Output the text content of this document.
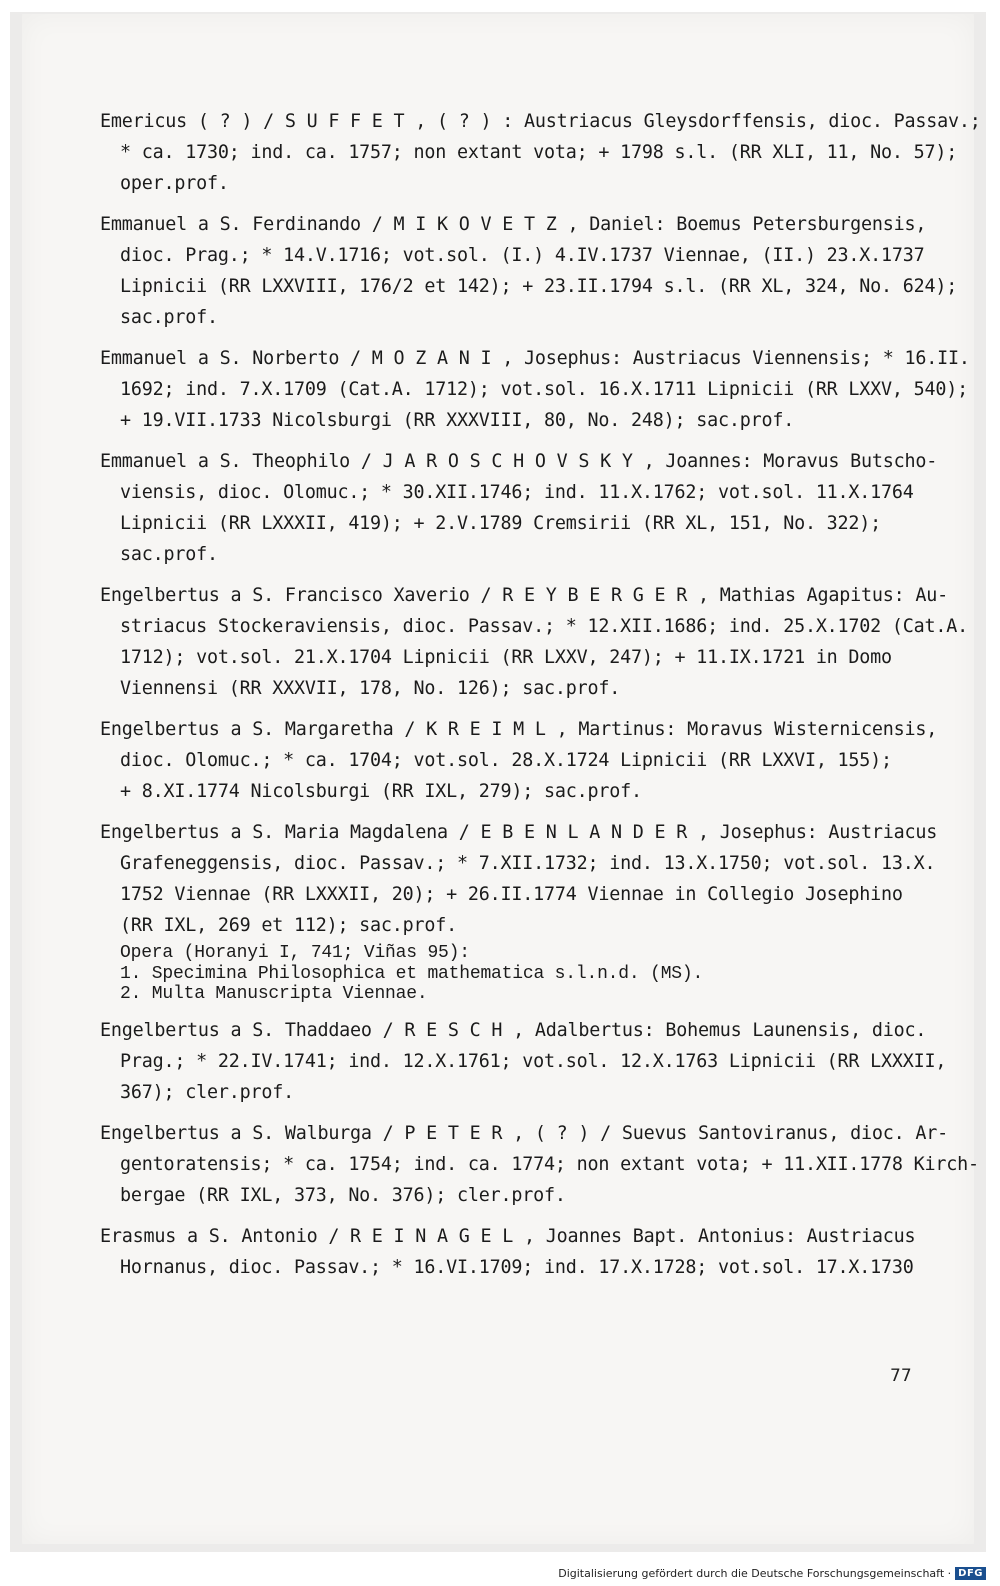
Emericus ( ? ) / S U F F E T , ( ? ) : Austriacus Gleysdorffensis, dioc. Passav.;
* ca. 1730; ind. ca. 1757; non extant vota; + 1798 s.l. (RR XLI, 11, No. 57);
oper.prof.
Emmanuel a S. Ferdinando / M I K O V E T Z , Daniel: Boemus Petersburgensis,
dioc. Prag.; * 14.V.1716; vot.sol. (I.) 4.IV.1737 Viennae, (II.) 23.X.1737
Lipnicii (RR LXXVIII, 176/2 et 142); + 23.II.1794 s.l. (RR XL, 324, No. 624);
sac.prof.
Emmanuel a S. Norberto / M O Z A N I , Josephus: Austriacus Viennensis; * 16.II.
1692; ind. 7.X.1709 (Cat.A. 1712); vot.sol. 16.X.1711 Lipnicii (RR LXXV, 540);
+ 19.VII.1733 Nicolsburgi (RR XXXVIII, 80, No. 248); sac.prof.
Emmanuel a S. Theophilo / J A R O S C H O V S K Y , Joannes: Moravus Butscho-
viensis, dioc. Olomuc.; * 30.XII.1746; ind. 11.X.1762; vot.sol. 11.X.1764
Lipnicii (RR LXXXII, 419); + 2.V.1789 Cremsirii (RR XL, 151, No. 322);
sac.prof.
Engelbertus a S. Francisco Xaverio / R E Y B E R G E R , Mathias Agapitus: Au-
striacus Stockeraviensis, dioc. Passav.; * 12.XII.1686; ind. 25.X.1702 (Cat.A.
1712); vot.sol. 21.X.1704 Lipnicii (RR LXXV, 247); + 11.IX.1721 in Domo
Viennensi (RR XXXVII, 178, No. 126); sac.prof.
Engelbertus a S. Margaretha / K R E I M L , Martinus: Moravus Wisternicensis,
dioc. Olomuc.; * ca. 1704; vot.sol. 28.X.1724 Lipnicii (RR LXXVI, 155);
+ 8.XI.1774 Nicolsburgi (RR IXL, 279); sac.prof.
Engelbertus a S. Maria Magdalena / E B E N L A N D E R , Josephus: Austriacus
Grafeneggensis, dioc. Passav.; * 7.XII.1732; ind. 13.X.1750; vot.sol. 13.X.
1752 Viennae (RR LXXXII, 20); + 26.II.1774 Viennae in Collegio Josephino
(RR IXL, 269 et 112); sac.prof.
Opera (Horanyi I, 741; Viñas 95):
1. Specimina Philosophica et mathematica s.l.n.d. (MS).
2. Multa Manuscripta Viennae.
Engelbertus a S. Thaddaeo / R E S C H , Adalbertus: Bohemus Launensis, dioc.
Prag.; * 22.IV.1741; ind. 12.X.1761; vot.sol. 12.X.1763 Lipnicii (RR LXXXII,
367); cler.prof.
Engelbertus a S. Walburga / P E T E R , ( ? ) / Suevus Santoviranus, dioc. Ar-
gentoratensis; * ca. 1754; ind. ca. 1774; non extant vota; + 11.XII.1778 Kirch-
bergae (RR IXL, 373, No. 376); cler.prof.
Erasmus a S. Antonio / R E I N A G E L , Joannes Bapt. Antonius: Austriacus
Hornanus, dioc. Passav.; * 16.VI.1709; ind. 17.X.1728; vot.sol. 17.X.1730
77
Digitalisierung gefördert durch die Deutsche Forschungsgemeinschaft · DFG
